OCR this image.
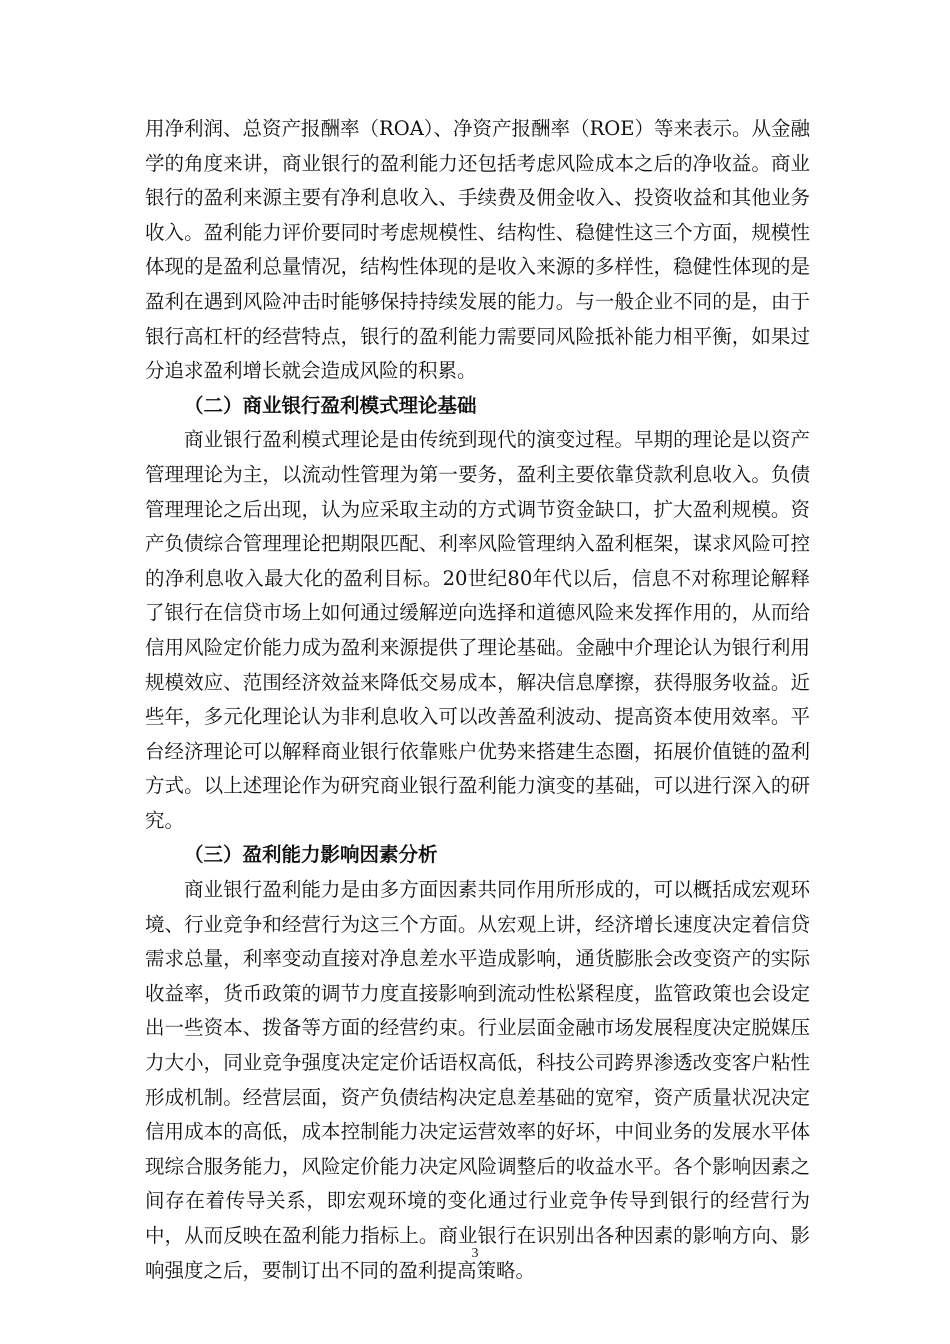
用净利润、总资产报酬率（ROA）、净资产报酬率（ROE）等来表示。从金融学的角度来讲，商业银行的盈利能力还包括考虑风险成本之后的净收益。商业银行的盈利来源主要有净利息收入、手续费及佣金收入、投资收益和其他业务收入。盈利能力评价要同时考虑规模性、结构性、稳健性这三个方面，规模性体现的是盈利总量情况，结构性体现的是收入来源的多样性，稳健性体现的是盈利在遇到风险冲击时能够保持持续发展的能力。与一般企业不同的是，由于银行高杠杆的经营特点，银行的盈利能力需要同风险抵补能力相平衡，如果过分追求盈利增长就会造成风险的积累。

（二）商业银行盈利模式理论基础

商业银行盈利模式理论是由传统到现代的演变过程。早期的理论是以资产管理理论为主，以流动性管理为第一要务，盈利主要依靠贷款利息收入。负债管理理论之后出现，认为应采取主动的方式调节资金缺口，扩大盈利规模。资产负债综合管理理论把期限匹配、利率风险管理纳入盈利框架，谋求风险可控的净利息收入最大化的盈利目标。20世纪80年代以后，信息不对称理论解释了银行在信贷市场上如何通过缓解逆向选择和道德风险来发挥作用的，从而给信用风险定价能力成为盈利来源提供了理论基础。金融中介理论认为银行利用规模效应、范围经济效益来降低交易成本，解决信息摩擦，获得服务收益。近些年，多元化理论认为非利息收入可以改善盈利波动、提高资本使用效率。平台经济理论可以解释商业银行依靠账户优势来搭建生态圈，拓展价值链的盈利方式。以上述理论作为研究商业银行盈利能力演变的基础，可以进行深入的研究。

（三）盈利能力影响因素分析

商业银行盈利能力是由多方面因素共同作用所形成的，可以概括成宏观环境、行业竞争和经营行为这三个方面。从宏观上讲，经济增长速度决定着信贷需求总量，利率变动直接对净息差水平造成影响，通货膨胀会改变资产的实际收益率，货币政策的调节力度直接影响到流动性松紧程度，监管政策也会设定出一些资本、拨备等方面的经营约束。行业层面金融市场发展程度决定脱媒压力大小，同业竞争强度决定定价话语权高低，科技公司跨界渗透改变客户粘性形成机制。经营层面，资产负债结构决定息差基础的宽窄，资产质量状况决定信用成本的高低，成本控制能力决定运营效率的好坏，中间业务的发展水平体现综合服务能力，风险定价能力决定风险调整后的收益水平。各个影响因素之间存在着传导关系，即宏观环境的变化通过行业竞争传导到银行的经营行为中，从而反映在盈利能力指标上。商业银行在识别出各种因素的影响方向、影响强度之后，要制订出不同的盈利提高策略。

3
